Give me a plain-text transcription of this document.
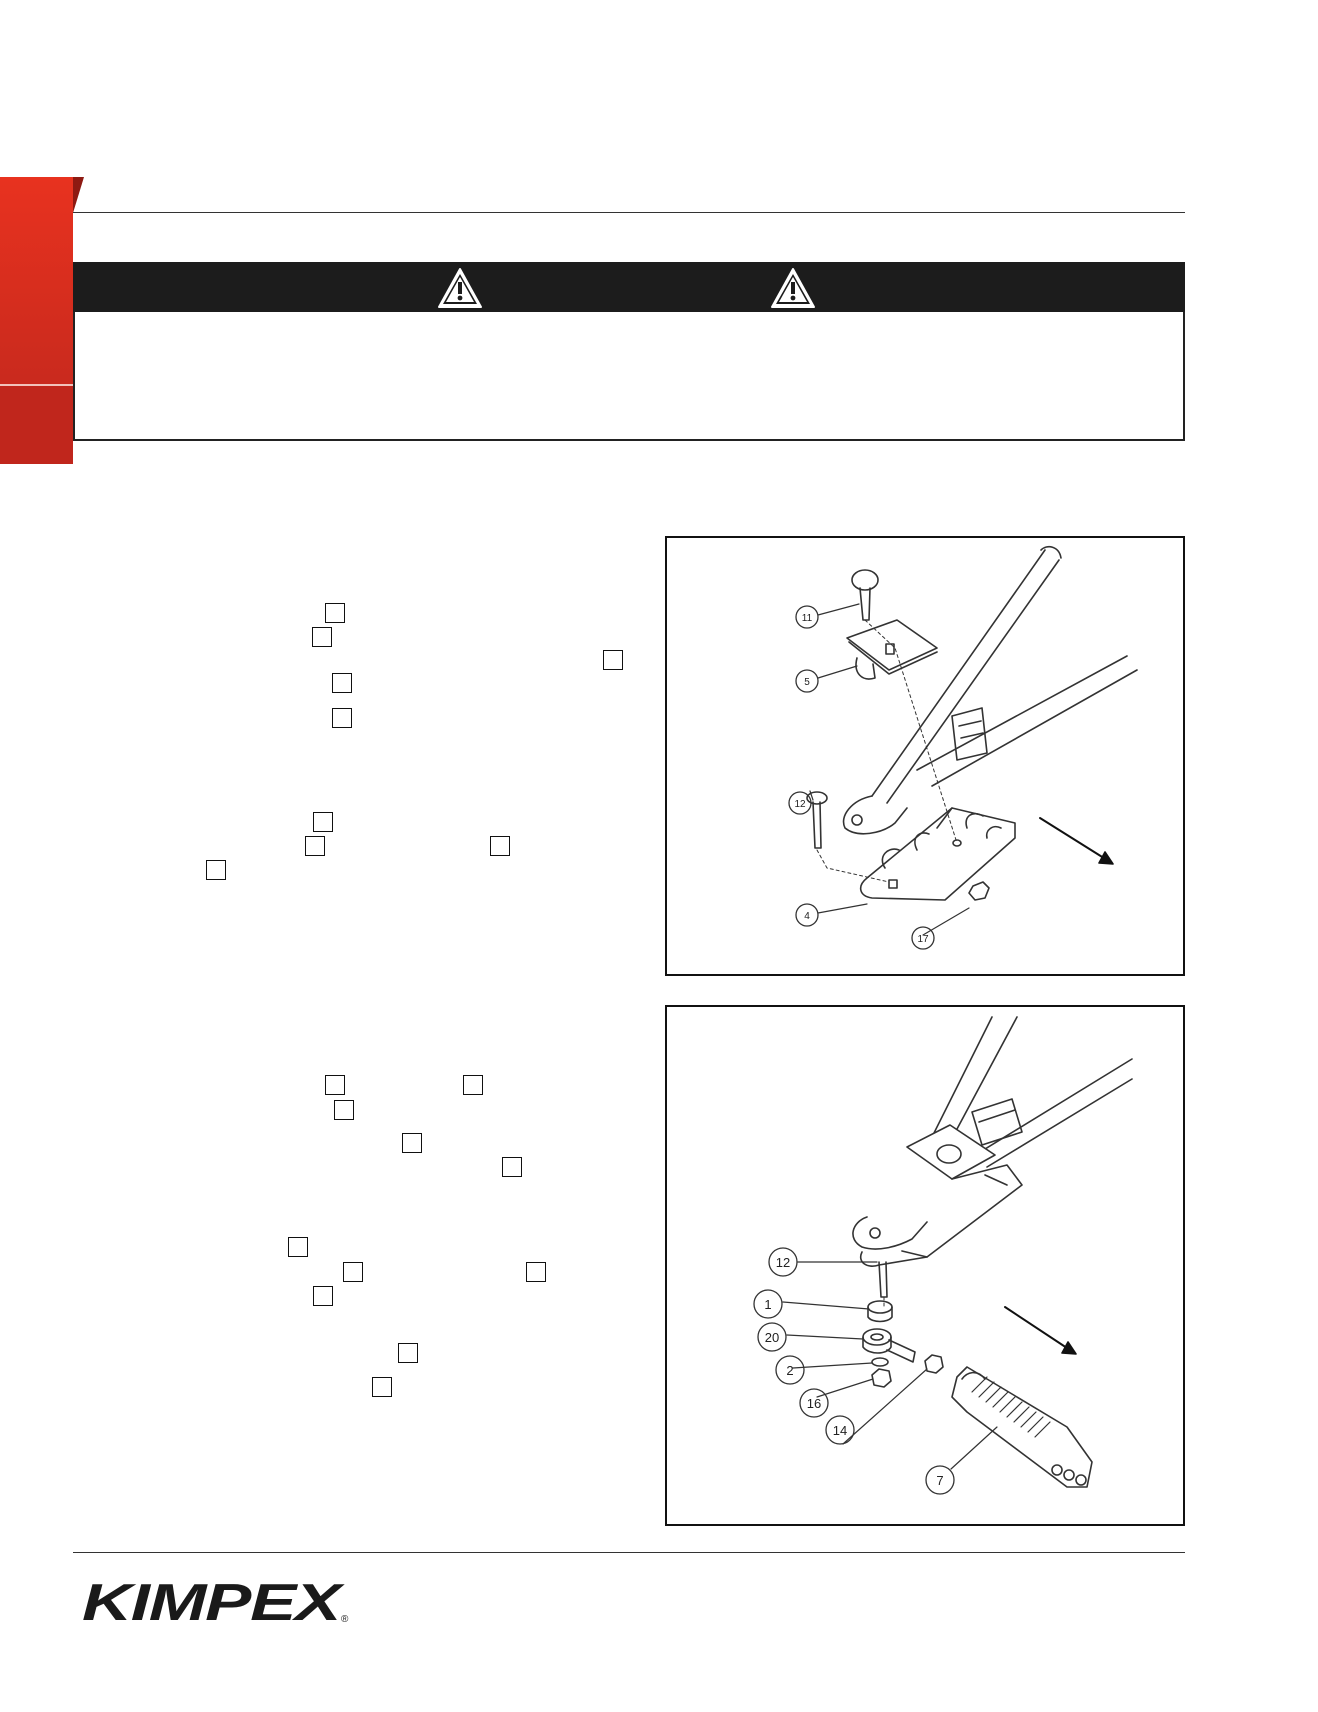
11
5
12
4
17
12
1
20
2
16
14
7
KIMPEX
®
